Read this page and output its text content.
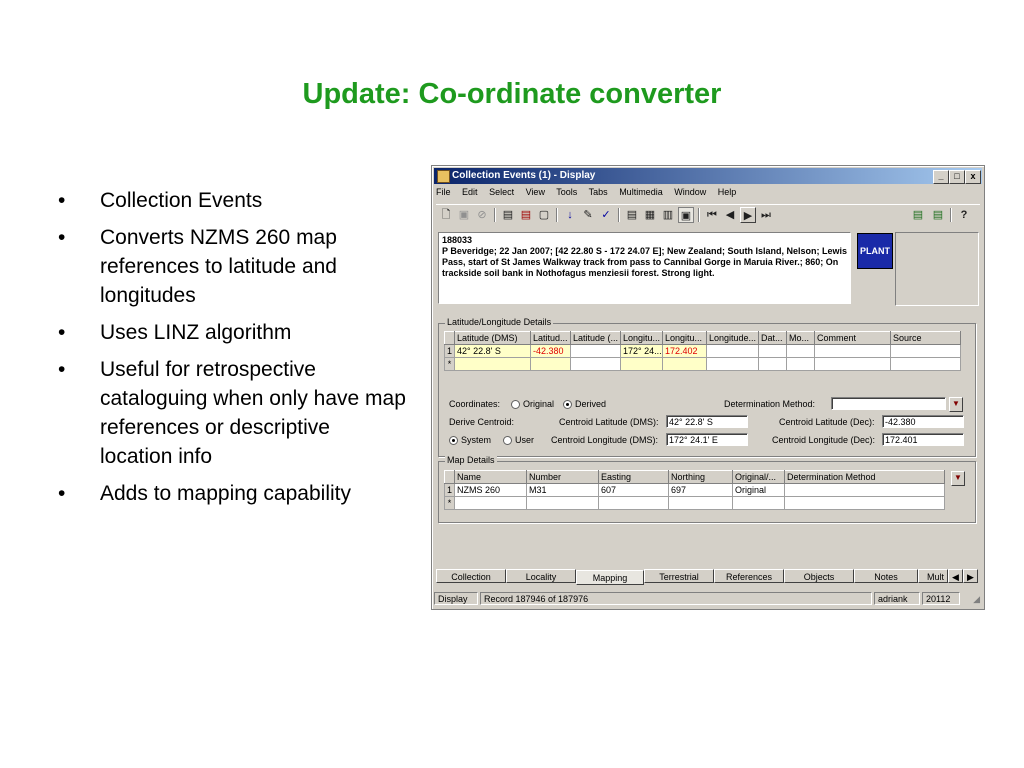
Update: Co-ordinate converter
• Collection Events
• Converts NZMS 260 map references to latitude and longitudes
• Uses LINZ algorithm
• Useful for retrospective cataloguing when only have map references or descriptive location info
• Adds to mapping capability
Collection Events (1) - Display	_	□	x
File Edit Select View Tools Tabs Multimedia Window Help
🗋 ▣ ⊘	▤ ▤ ▢	↓ ✎ ✓	▤ ▦ ▥ ▣ ⏮ ◀ ▶ ⏭	▤ ▤	?
188033
P Beveridge; 22 Jan 2007; [42 22.80 S - 172 24.07 E]; New Zealand; South Island, Nelson; Lewis Pass, start of St James Walkway track from pass to Cannibal Gorge in Maruia River.; 860; On trackside soil bank in Nothofagus menziesii forest. Strong light.
PLANT
Latitude/Longitude Details
	Latitude (DMS)	Latitud...	Latitude (...	Longitu...	Longitu...	Longitude...	Dat...	Mo...	Comment	Source
1	42° 22.8' S	-42.380		172° 24...	172.402					
*										
Coordinates:	Original	Derived	Determination Method:	▼
Derive Centroid:	Centroid Latitude (DMS):	42° 22.8' S	Centroid Latitude (Dec):	-42.380
System	User Centroid Longitude (DMS):	172° 24.1' E	Centroid Longitude (Dec):	172.401
Map Details
	Name	Number	Easting	Northing	Original/...	Determination Method
1	NZMS 260	M31	607	697	Original	
*						
▼
Collection	Locality	Mapping	Terrestrial	References	Objects	Notes	Mult ◀ ▶
Display	Record 187946 of 187976	adriank	20112	◢
